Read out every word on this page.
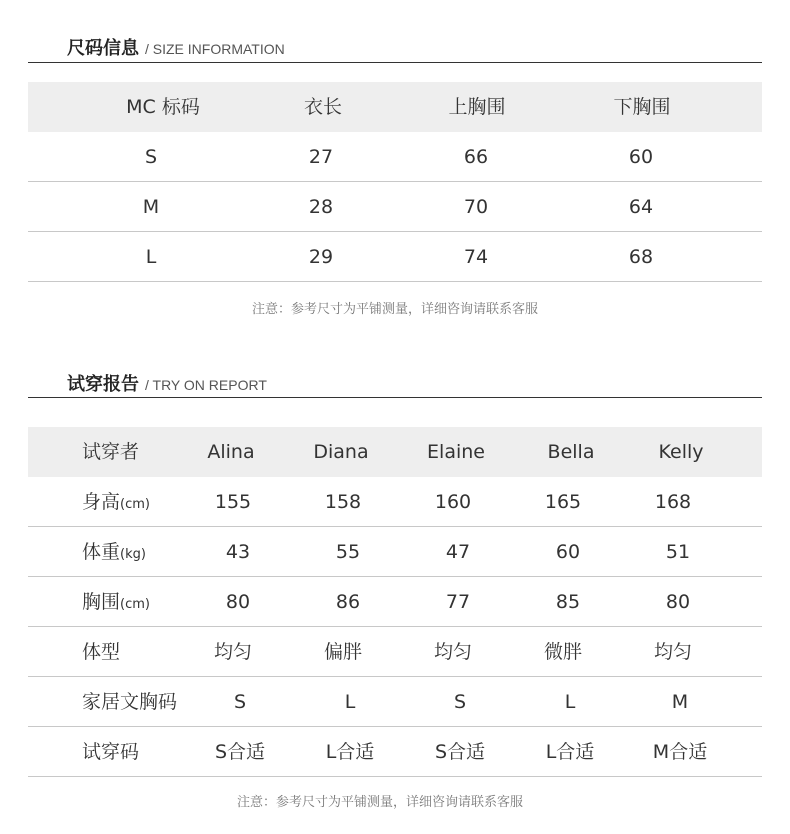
尺码信息 / SIZE INFORMATION
MC 标码	衣长	上胸围	下胸围
S	27	66	60
M	28	70	64
L	29	74	68
注意：参考尺寸为平铺测量，详细咨询请联系客服
试穿报告 / TRY ON REPORT
试穿者	Alina	Diana	Elaine	Bella	Kelly
身高(cm)	155	158	160	165	168
体重(kg)	43	55	47	60	51
胸围(cm)	80	86	77	85	80
体型	均匀	偏胖	均匀	微胖	均匀
家居文胸码	S	L	S	L	M
试穿码	S合适	L合适	S合适	L合适	M合适
注意：参考尺寸为平铺测量，详细咨询请联系客服
